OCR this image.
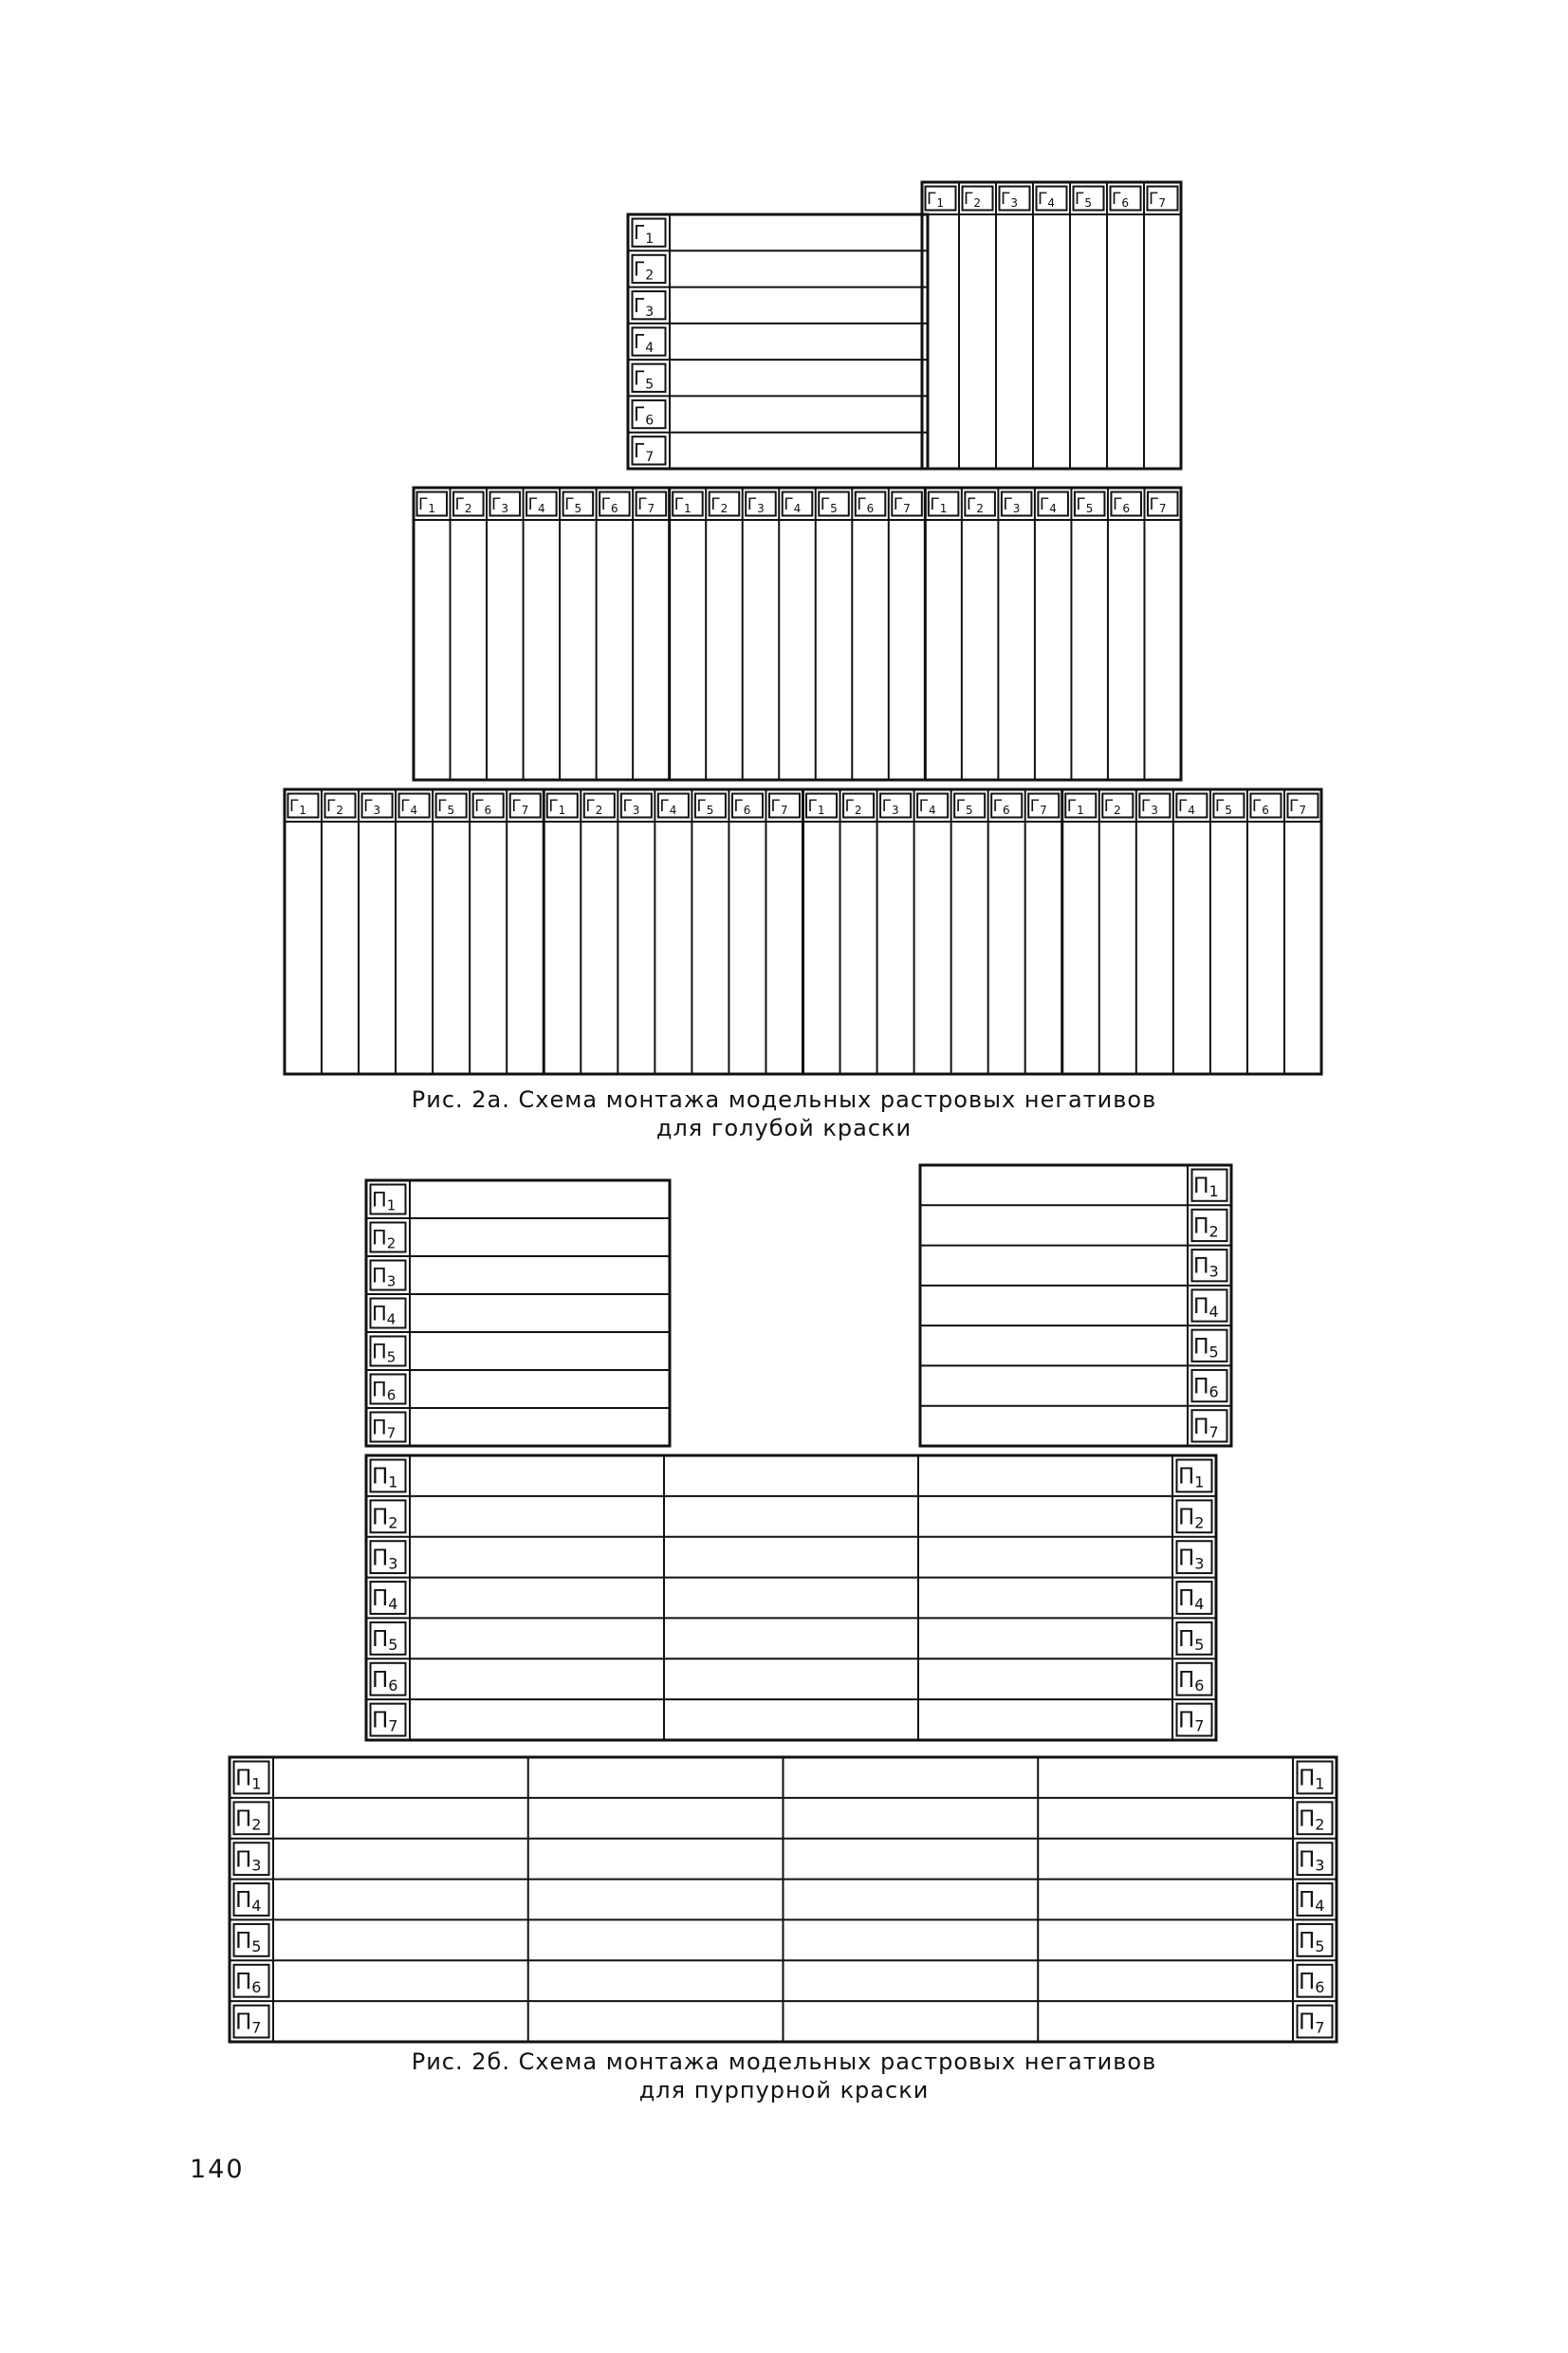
Г1 Г2 Г3 Г4 Г5 Г6 Г7
$Г_1$
$Г_2$
$Г_3$
$Г_4$
$Г_5$
$Г_6$
$Г_7$
Г1 Г2 Г3 Г4 Г5 Г6 Г7 Г1 Г2 Г3 Г4 Г5 Г6 Г7 Г1 Г2 Г3 Г4 Г5 Г6 Г7
Г1 Г2 Г3 Г4 Г5 Г6 Г7 Г1 Г2 Г3 Г4 Г5 Г6 Г7 Г1 Г2 Г3 Г4 Г5 Г6 Г7 Г1 Г2 Г3 Г4 Г5 Г6 Г7
П1
П2
П3
П4
П5
П6
П7
П1
П2
П3
П4
П5
П6
П7
П1	П1
П2	П2
П3	П3
П4	П4
П5	П5
П6	П6
П7	П7
П1	П1
П2	П2
П3	П3
П4	П4
П5	П5
П6	П6
П7	П7
Рис. 2а. Схема монтажа модельных растровых негативов
для голубой краски
Рис. 2б. Схема монтажа модельных растровых негативов
для пурпурной краски
140
